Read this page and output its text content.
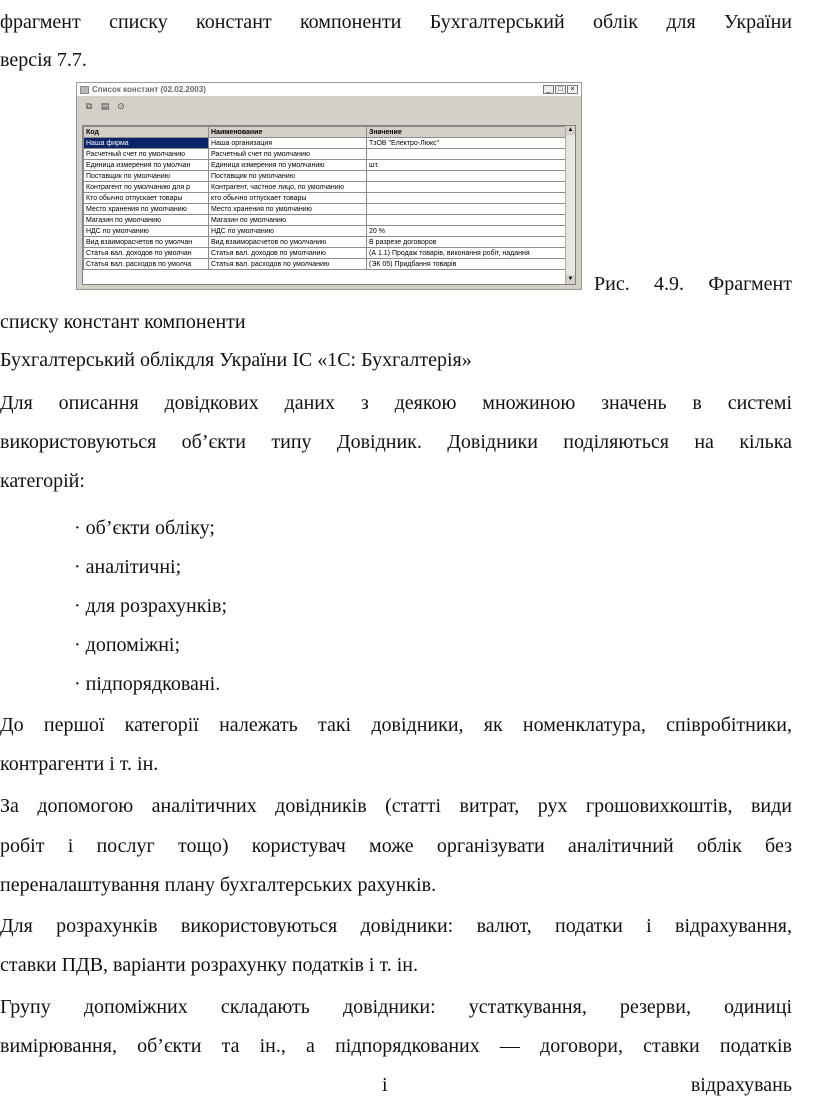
фрагмент списку констант компоненти Бухгалтерський облік для України
версія 7.7.
Список констант (02.02.2003)	_	□	×
⧉ ▤ ⊙
Код	Наименование	Значение
Наша фирма	Наша организация	ТзОВ "Електро-Люкс"
Расчетный счет по умолчанию	Расчетный счет по умолчанию	
Единица измерения по умолчан	Единица измерения по умолчанию	шт.
Поставщик по умолчанию	Поставщик по умолчанию	
Контрагент по умолчанию для р	Контрагент, частное лицо, по умолчанию	
Кто обычно отпускает товары	кто обычно отпускает товары	
Место хранения по умолчанию	Место хранения по умолчанию	
Магазин по умолчанию	Магазин по умолчанию	
НДС по умолчанию	НДС по умолчанию	20 %
Вид взаиморасчетов по умолчан	Вид взаиморасчетов по умолчанию	В разрезе договоров
Статья вал. доходов по умолчан	Статья вал. доходов по умолчанию	(А 1.1) Продаж товарів, виконання робіт, надання
Статья вал. расходов по умолча	Статья вал. расходов по умолчанию	(ЭК 05) Придбання товарів
▲
▼ Рис. 4.9. Фрагмент
списку констант компоненти
Бухгалтерський облікдля України ІС «1С: Бухгалтерія»
Для описання довідкових даних з деякою множиною значень в системі
використовуються об’єкти типу Довідник. Довідники поділяються на кілька
категорій:
· об’єкти обліку;
· аналітичні;
· для розрахунків;
· допоміжні;
· підпорядковані.
До першої категорії належать такі довідники, як номенклатура, співробітники,
контрагенти і т. ін.
За допомогою аналітичних довідників (статті витрат, рух грошовихкоштів, види
робіт і послуг тощо) користувач може організувати аналітичний облік без
переналаштування плану бухгалтерських рахунків.
Для розрахунків використовуються довідники: валют, податки і відрахування,
ставки ПДВ, варіанти розрахунку податків і т. ін.
Групу допоміжних складають довідники: устаткування, резерви, одиниці
вимірювання, об’єкти та ін., а підпорядкованих — договори, ставки податків
і	відрахувань
